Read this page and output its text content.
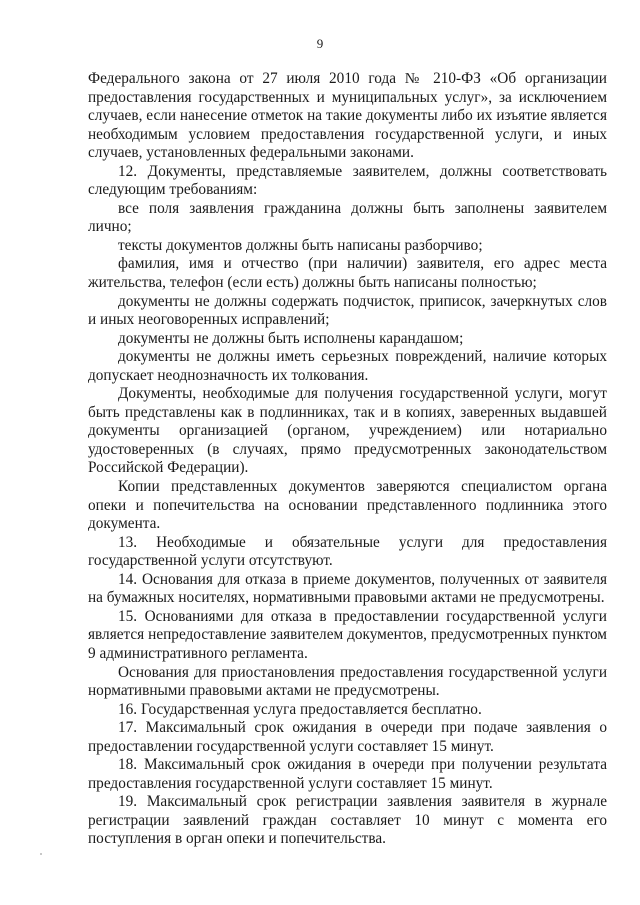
9

Федерального закона от 27 июля 2010 года № 210-ФЗ «Об организации предоставления государственных и муниципальных услуг», за исключением случаев, если нанесение отметок на такие документы либо их изъятие является необходимым условием предоставления государственной услуги, и иных случаев, установленных федеральными законами.

12. Документы, представляемые заявителем, должны соответствовать следующим требованиям:

все поля заявления гражданина должны быть заполнены заявителем лично;

тексты документов должны быть написаны разборчиво;

фамилия, имя и отчество (при наличии) заявителя, его адрес места жительства, телефон (если есть) должны быть написаны полностью;

документы не должны содержать подчисток, приписок, зачеркнутых слов и иных неоговоренных исправлений;

документы не должны быть исполнены карандашом;

документы не должны иметь серьезных повреждений, наличие которых допускает неоднозначность их толкования.

Документы, необходимые для получения государственной услуги, могут быть представлены как в подлинниках, так и в копиях, заверенных выдавшей документы организацией (органом, учреждением) или нотариально удостоверенных (в случаях, прямо предусмотренных законодательством Российской Федерации).

Копии представленных документов заверяются специалистом органа опеки и попечительства на основании представленного подлинника этого документа.

13. Необходимые и обязательные услуги для предоставления государственной услуги отсутствуют.

14. Основания для отказа в приеме документов, полученных от заявителя на бумажных носителях, нормативными правовыми актами не предусмотрены.

15. Основаниями для отказа в предоставлении государственной услуги является непредоставление заявителем документов, предусмотренных пунктом 9 административного регламента.

Основания для приостановления предоставления государственной услуги нормативными правовыми актами не предусмотрены.

16. Государственная услуга предоставляется бесплатно.

17. Максимальный срок ожидания в очереди при подаче заявления о предоставлении государственной услуги составляет 15 минут.

18. Максимальный срок ожидания в очереди при получении результата предоставления государственной услуги составляет 15 минут.

19. Максимальный срок регистрации заявления заявителя в журнале регистрации заявлений граждан составляет 10 минут с момента его поступления в орган опеки и попечительства.
